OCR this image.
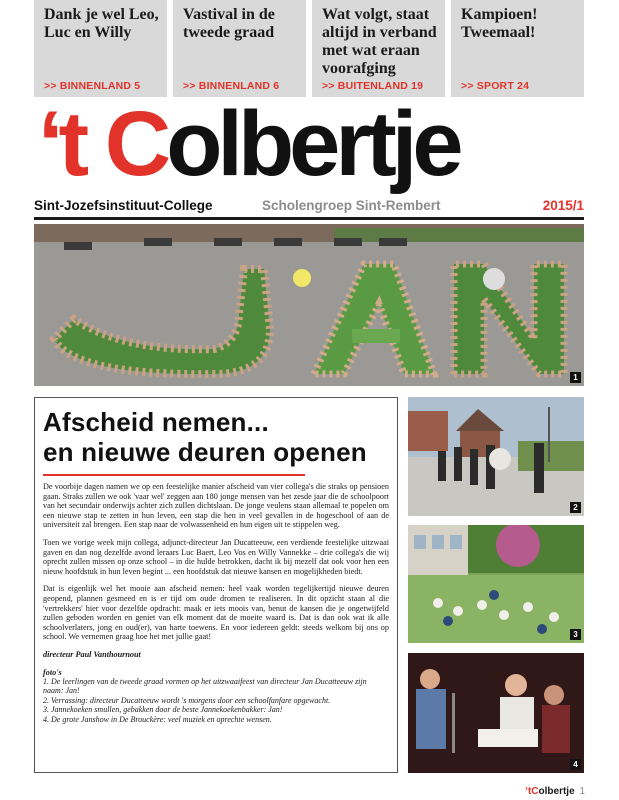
Dank je wel Leo, Luc en Willy
>> BINNENLAND 5
Vastival in de tweede graad
>> BINNENLAND 6
Wat volgt, staat altijd in verband met wat eraan voorafging
>> BUITENLAND 19
Kampioen! Tweemaal!
>> SPORT 24
‘t Colbertje
Sint-Jozefsinstituut-College	Scholengroep Sint-Rembert	2015/1
1
2
3
4
Afscheid nemen...
en nieuwe deuren openen

De voorbije dagen namen we op een feestelijke manier afscheid van vier collega's die straks op pensioen gaan. Straks zullen we ook 'vaar wel' zeggen aan 180 jonge mensen van het zesde jaar die de schoolpoort van het secundair onderwijs achter zich zullen dichtslaan. De jonge veulens staan allemaal te popelen om een nieuwe stap te zetten in hun leven, een stap die hen in veel gevallen in de hogeschool of aan de universiteit zal brengen. Een stap naar de volwassenheid en hun eigen uit te stippelen weg.

Toen we vorige week mijn collega, adjunct-directeur Jan Ducatteeuw, een verdiende feestelijke uitzwaai gaven en dan nog dezelfde avond leraars Luc Baert, Leo Vos en Willy Vannekke – drie collega's die wij oprecht zullen missen op onze school – in die hulde betrokken, dacht ik bij mezelf dat ook voor hen een nieuw hoofdstuk in hun leven begint ... een hoofdstuk dat nieuwe kansen en mogelijkheden biedt.

Dat is eigenlijk wel het mooie aan afscheid nemen: heel vaak worden tegelijkertijd nieuwe deuren geopend, plannen gesmeed en is er tijd om oude dromen te realiseren. In dit opzicht staan al die 'vertrekkers' hier voor dezelfde opdracht: maak er iets moois van, benut de kansen die je ongetwijfeld zullen geboden worden en geniet van elk moment dat de moeite waard is. Dat is dan ook wat ik alle schoolverlaters, jong en oud(er), van harte toewens. En voor iedereen geldt: steeds welkom bij ons op school. We vernemen graag hoe het met jullie gaat!

directeur Paul Vanthournout

foto's

1. De leerlingen van de tweede graad vormen op het uitzwaaifeest van directeur Jan Ducatteeuw zijn naam: Jan!

2. Verrassing: directeur Ducatteeuw wordt 's morgens door een schoolfanfare opgewacht.

3. Jannekoeken smullen, gebakken door de beste Jannekoekenbakker: Jan!

4. De grote Janshow in De Brouckère: veel muziek en oprechte wensen.

‘tColbertje 1
